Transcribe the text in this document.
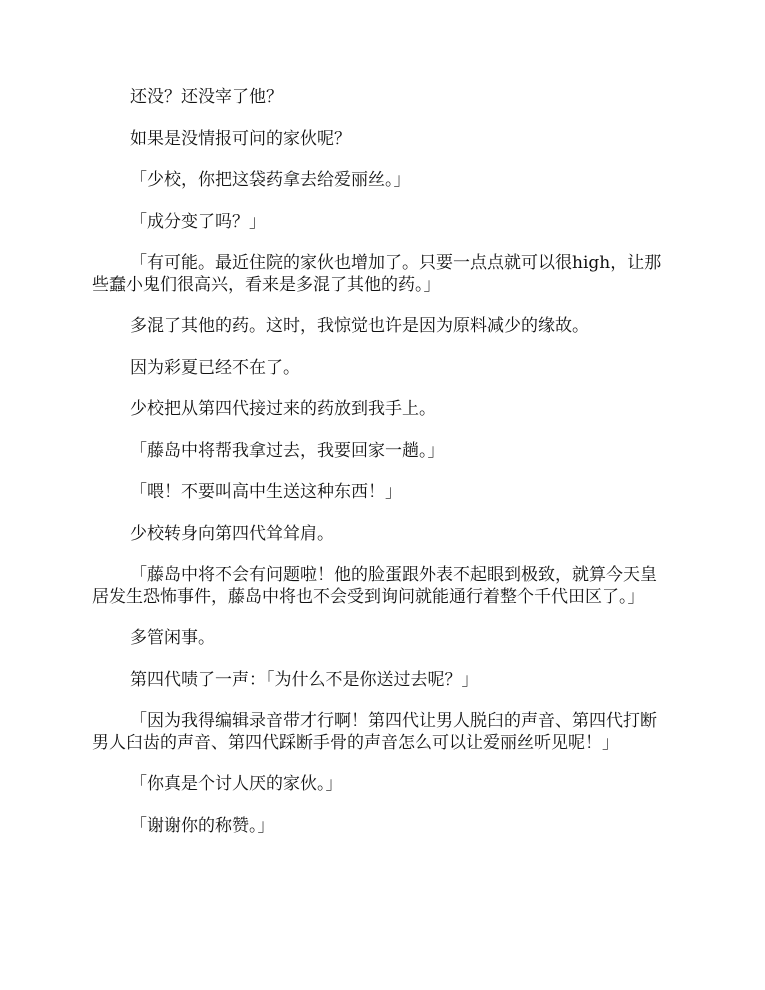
还没？还没宰了他？

如果是没情报可问的家伙呢？

「少校，你把这袋药拿去给爱丽丝。」

「成分变了吗？」

「有可能。最近住院的家伙也增加了。只要一点点就可以很high，让那些蠢小鬼们很高兴，看来是多混了其他的药。」

多混了其他的药。这时，我惊觉也许是因为原料减少的缘故。

因为彩夏已经不在了。

少校把从第四代接过来的药放到我手上。

「藤岛中将帮我拿过去，我要回家一趟。」

「喂！不要叫高中生送这种东西！」

少校转身向第四代耸耸肩。

「藤岛中将不会有问题啦！他的脸蛋跟外表不起眼到极致，就算今天皇居发生恐怖事件，藤岛中将也不会受到询问就能通行着整个千代田区了。」

多管闲事。

第四代啧了一声：「为什么不是你送过去呢？」

「因为我得编辑录音带才行啊！第四代让男人脱臼的声音、第四代打断男人臼齿的声音、第四代踩断手骨的声音怎么可以让爱丽丝听见呢！」

「你真是个讨人厌的家伙。」

「谢谢你的称赞。」
